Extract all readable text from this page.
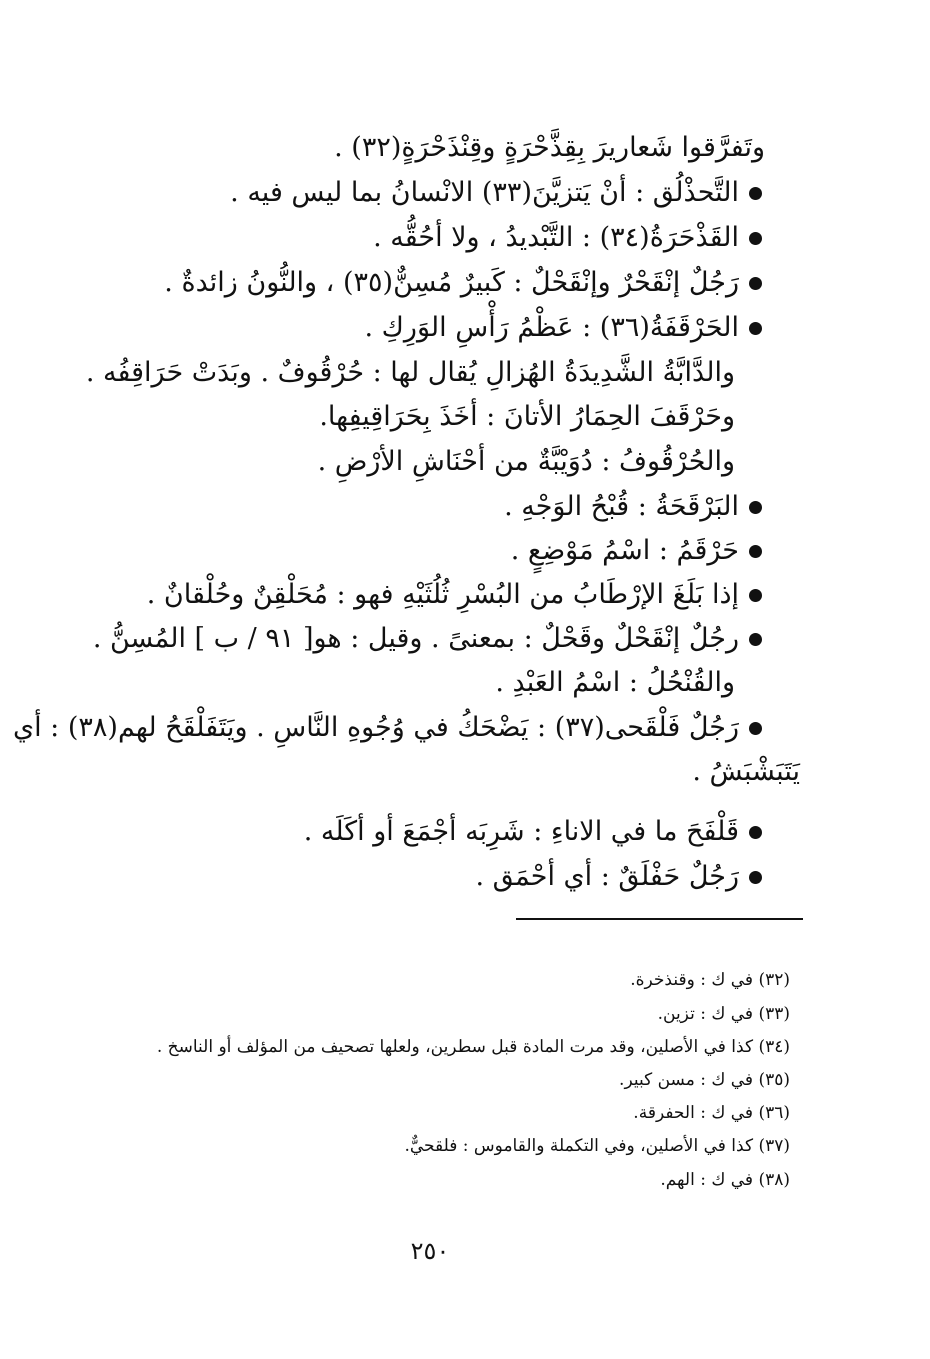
وتَفرَّقوا شَعاريرَ بِقِذَّحْرَةٍ وقِنْذَحْرَةٍ(٣٢) .
التَّحذْلُق : أنْ يَتزيَّنَ(٣٣) الانْسانُ بما ليس فيه .
القَذْحَرَةُ(٣٤) : التَّبْديدُ ، ولا أحُقُّه .
رَجُلٌ إنْقَحْرٌ وإنْقَحْلٌ : كَبيرٌ مُسِنٌّ(٣٥) ، والنُّونُ زائدةٌ .
الحَرْقَفَةُ(٣٦) : عَظْمُ رَأْسِ الوَرِكِ .
والدَّابَّةُ الشَّدِيدَةُ الهُزالِ يُقال لها : حُرْقُوفٌ . وبَدَتْ حَرَاقِفُه .
وحَرْقَفَ الحِمَارُ الأتانَ : أخَذَ بِحَرَاقِيفِها.
والحُرْقُوفُ : دُوَيْبَّةٌ من أحْنَاشِ الأرْضِ .
البَرْقَحَةُ : قُبْحُ الوَجْهِ .
حَرْقَمُ : اسْمُ مَوْضِعٍ .
إذا بَلَغَ الإرْطَابُ من البُسْرِ ثُلُثَيْهِ فهو : مُحَلْقِنٌ وحُلْقانٌ .
رجُلٌ إنْقَحْلٌ وقَحْلٌ : بمعنىً . وقيل : هو[ ٩١ / ب ] المُسِنُّ .
والقُنْحُلُ : اسْمُ العَبْدِ .
رَجُلٌ فَلْقَحى(٣٧) : يَضْحَكُ في وُجُوهِ النَّاسِ . ويَتَفَلْقَحُ لهم(٣٨) : أي
يَتَبَشْبَشُ .
قَلْفَحَ ما في الاناءِ : شَرِبَه أجْمَعَ أو أكَلَه .
رَجُلٌ حَفْلَقٌ : أي أحْمَق .
(٣٢) في ك : وقنذخرة.
(٣٣) في ك : تزين.
(٣٤) كذا في الأصلين، وقد مرت المادة قبل سطرين، ولعلها تصحيف من المؤلف أو الناسخ .
(٣٥) في ك : مسن كبير.
(٣٦) في ك : الحفرقة.
(٣٧) كذا في الأصلين، وفي التكملة والقاموس : فلقحيٌّ.
(٣٨) في ك : الهم.
٢٥٠
